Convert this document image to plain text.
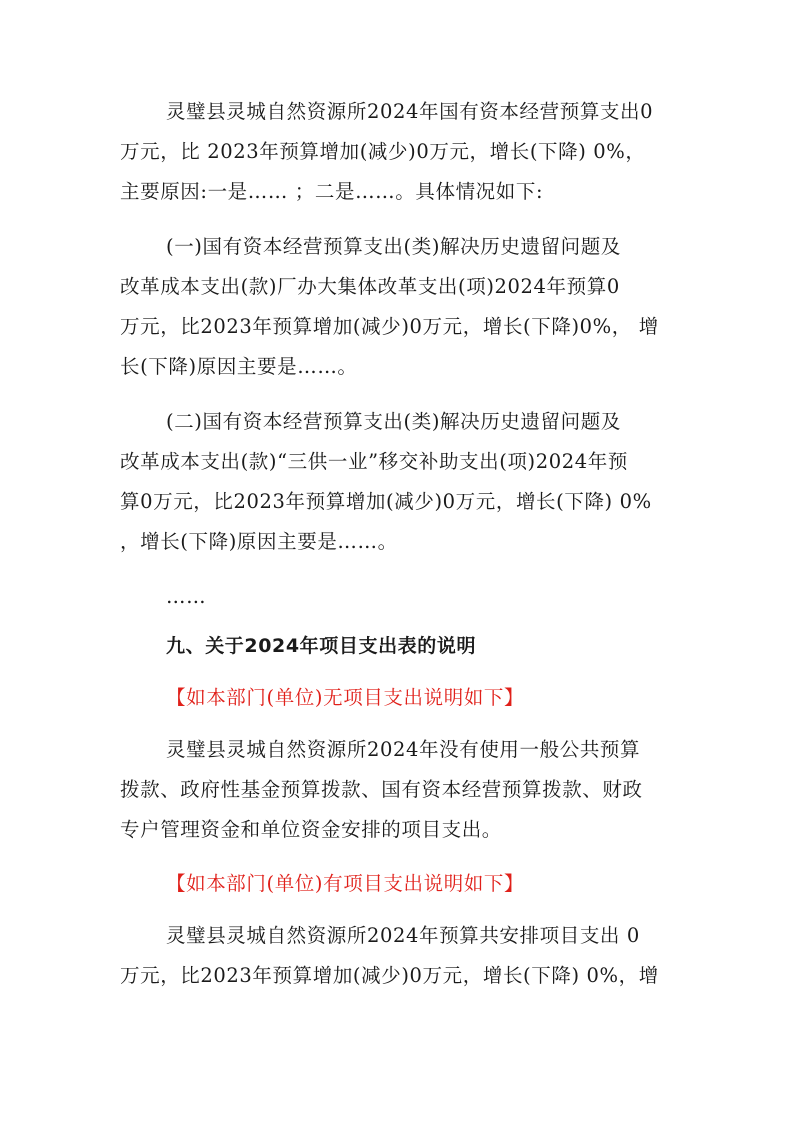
灵璧县灵城自然资源所2024年国有资本经营预算支出0
万元，比 2023年预算增加(减少)0万元，增长(下降) 0%，
主要原因:一是…… ；二是……。具体情况如下:
(一)国有资本经营预算支出(类)解决历史遗留问题及
改革成本支出(款)厂办大集体改革支出(项)2024年预算0
万元，比2023年预算增加(减少)0万元，增长(下降)0%， 增
长(下降)原因主要是……。
(二)国有资本经营预算支出(类)解决历史遗留问题及
改革成本支出(款)“三供一业”移交补助支出(项)2024年预
算0万元，比2023年预算增加(减少)0万元，增长(下降) 0%
，增长(下降)原因主要是……。
……
九、关于2024年项目支出表的说明
【如本部门(单位)无项目支出说明如下】
灵璧县灵城自然资源所2024年没有使用一般公共预算
拨款、政府性基金预算拨款、国有资本经营预算拨款、财政
专户管理资金和单位资金安排的项目支出。
【如本部门(单位)有项目支出说明如下】
灵璧县灵城自然资源所2024年预算共安排项目支出 0
万元，比2023年预算增加(减少)0万元，增长(下降) 0%，增
